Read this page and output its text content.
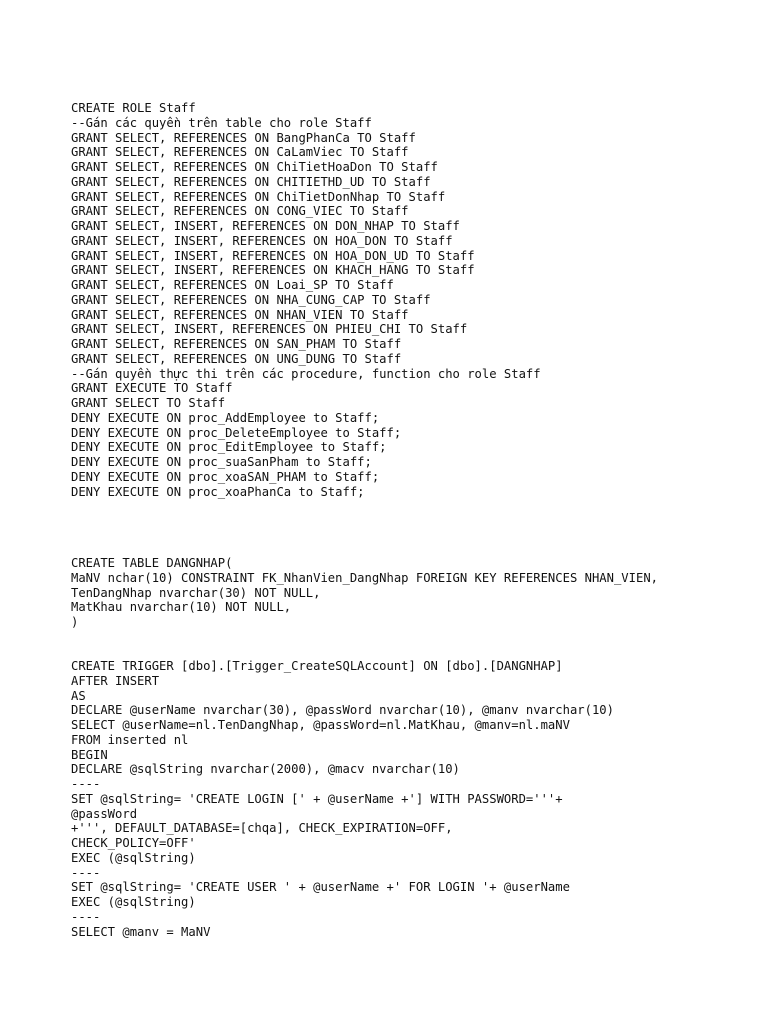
CREATE ROLE Staff
--Gán các quyền trên table cho role Staff
GRANT SELECT, REFERENCES ON BangPhanCa TO Staff
GRANT SELECT, REFERENCES ON CaLamViec TO Staff
GRANT SELECT, REFERENCES ON ChiTietHoaDon TO Staff
GRANT SELECT, REFERENCES ON CHITIETHD_UD TO Staff
GRANT SELECT, REFERENCES ON ChiTietDonNhap TO Staff
GRANT SELECT, REFERENCES ON CONG_VIEC TO Staff
GRANT SELECT, INSERT, REFERENCES ON DON_NHAP TO Staff
GRANT SELECT, INSERT, REFERENCES ON HOA_DON TO Staff
GRANT SELECT, INSERT, REFERENCES ON HOA_DON_UD TO Staff
GRANT SELECT, INSERT, REFERENCES ON KHACH_HANG TO Staff
GRANT SELECT, REFERENCES ON Loai_SP TO Staff
GRANT SELECT, REFERENCES ON NHA_CUNG_CAP TO Staff
GRANT SELECT, REFERENCES ON NHAN_VIEN TO Staff
GRANT SELECT, INSERT, REFERENCES ON PHIEU_CHI TO Staff
GRANT SELECT, REFERENCES ON SAN_PHAM TO Staff
GRANT SELECT, REFERENCES ON UNG_DUNG TO Staff
--Gán quyền thực thi trên các procedure, function cho role Staff
GRANT EXECUTE TO Staff
GRANT SELECT TO Staff
DENY EXECUTE ON proc_AddEmployee to Staff;
DENY EXECUTE ON proc_DeleteEmployee to Staff;
DENY EXECUTE ON proc_EditEmployee to Staff;
DENY EXECUTE ON proc_suaSanPham to Staff;
DENY EXECUTE ON proc_xoaSAN_PHAM to Staff;
DENY EXECUTE ON proc_xoaPhanCa to Staff;
CREATE TABLE DANGNHAP(
MaNV nchar(10) CONSTRAINT FK_NhanVien_DangNhap FOREIGN KEY REFERENCES NHAN_VIEN,
TenDangNhap nvarchar(30) NOT NULL,
MatKhau nvarchar(10) NOT NULL,
)
CREATE TRIGGER [dbo].[Trigger_CreateSQLAccount] ON [dbo].[DANGNHAP]
AFTER INSERT
AS
DECLARE @userName nvarchar(30), @passWord nvarchar(10), @manv nvarchar(10)
SELECT @userName=nl.TenDangNhap, @passWord=nl.MatKhau, @manv=nl.maNV
FROM inserted nl
BEGIN
DECLARE @sqlString nvarchar(2000), @macv nvarchar(10)
----
SET @sqlString= 'CREATE LOGIN [' + @userName +'] WITH PASSWORD='''+
@passWord
+''', DEFAULT_DATABASE=[chqa], CHECK_EXPIRATION=OFF,
CHECK_POLICY=OFF'
EXEC (@sqlString)
----
SET @sqlString= 'CREATE USER ' + @userName +' FOR LOGIN '+ @userName
EXEC (@sqlString)
----
SELECT @manv = MaNV
